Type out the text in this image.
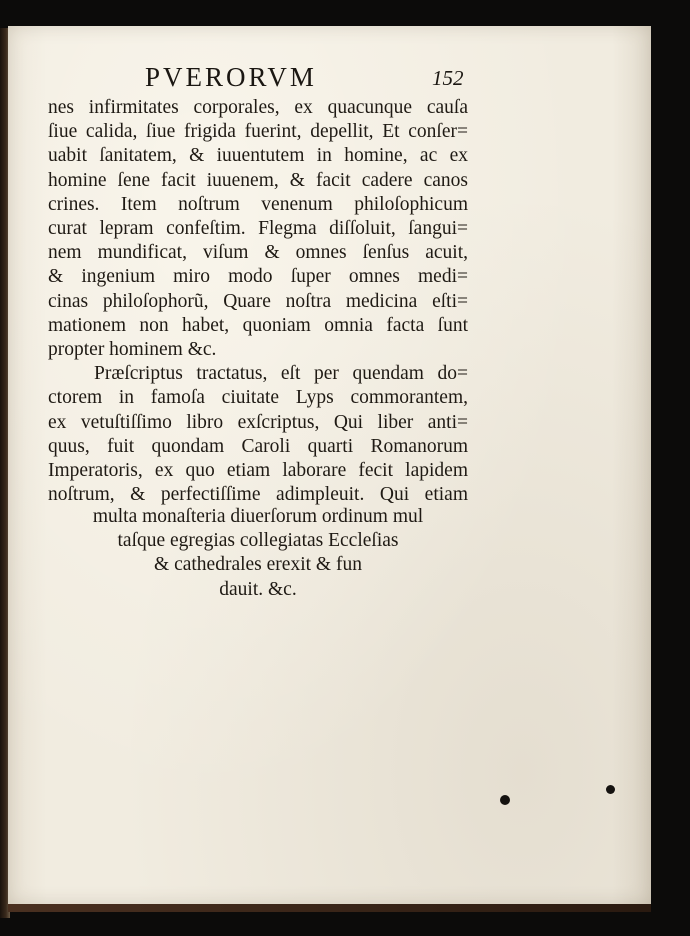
PVERORVM	152
nes infirmitates corporales, ex quacunque cauſa
ſiue calida, ſiue frigida fuerint, depellit, Et conſer=
uabit ſanitatem, & iuuentutem in homine, ac ex
homine ſene facit iuuenem, & facit cadere canos
crines. Item noſtrum venenum philoſophicum
curat lepram confeſtim. Flegma diſſoluit, ſangui=
nem mundificat, viſum & omnes ſenſus acuit,
& ingenium miro modo ſuper omnes medi=
cinas philoſophorũ, Quare noſtra medicina eſti=
mationem non habet, quoniam omnia facta ſunt
propter hominem &c.
Præſcriptus tractatus, eſt per quendam do=
ctorem in famoſa ciuitate Lyps commorantem,
ex vetuſtiſſimo libro exſcriptus, Qui liber anti=
quus, fuit quondam Caroli quarti Romanorum
Imperatoris, ex quo etiam laborare fecit lapidem
noſtrum, & perfectiſſime adimpleuit. Qui etiam
multa monaſteria diuerſorum ordinum mul
taſque egregias collegiatas Eccleſias
& cathedrales erexit & fun
dauit. &c.
